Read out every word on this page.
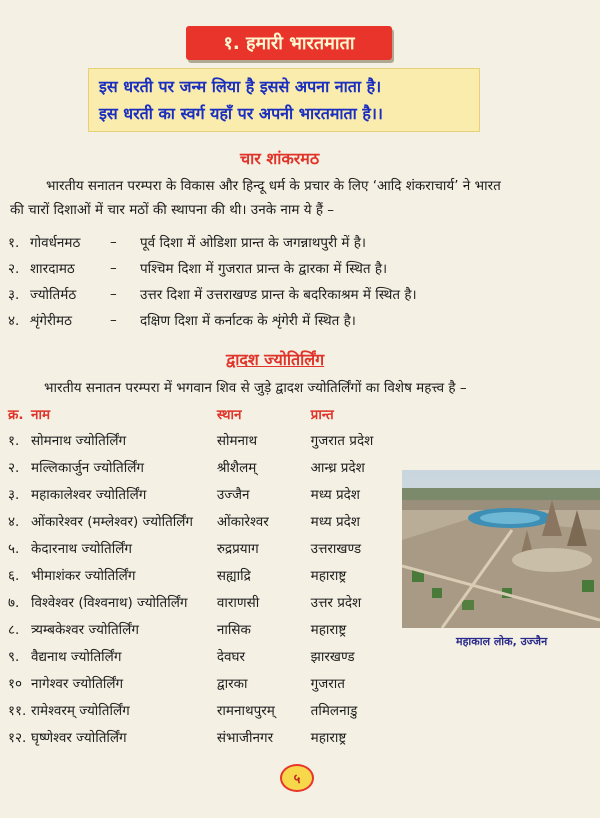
१. हमारी भारतमाता
इस धरती पर जन्म लिया है इससे अपना नाता है।
इस धरती का स्वर्ग यहाँ पर अपनी भारतमाता है।।
चार शांकरमठ
भारतीय सनातन परम्परा के विकास और हिन्दू धर्म के प्रचार के लिए ‘आदि शंकराचार्य’ ने भारत
की चारों दिशाओं में चार मठों की स्थापना की थी। उनके नाम ये हैं –
१. गोवर्धनमठ	–	पूर्व दिशा में ओडिशा प्रान्त के जगन्नाथपुरी में है।
२. शारदामठ	–	पश्चिम दिशा में गुजरात प्रान्त के द्वारका में स्थित है।
३. ज्योतिर्मठ	–	उत्तर दिशा में उत्तराखण्ड प्रान्त के बदरिकाश्रम में स्थित है।
४. शृंगेरीमठ	–	दक्षिण दिशा में कर्नाटक के शृंगेरी में स्थित है।
द्वादश ज्योतिर्लिंग
भारतीय सनातन परम्परा में भगवान शिव से जुड़े द्वादश ज्योतिर्लिंगों का विशेष महत्त्व है –
क्र. नाम	स्थान	प्रान्त
१. सोमनाथ ज्योतिर्लिंग	सोमनाथ	गुजरात प्रदेश
२. मल्लिकार्जुन ज्योतिर्लिंग	श्रीशैलम्	आन्ध्र प्रदेश
३. महाकालेश्वर ज्योतिर्लिंग	उज्जैन	मध्य प्रदेश
४. ओंकारेश्वर (मम्लेश्वर) ज्योतिर्लिंग	ओंकारेश्वर	मध्य प्रदेश
५. केदारनाथ ज्योतिर्लिंग	रुद्रप्रयाग	उत्तराखण्ड
६. भीमाशंकर ज्योतिर्लिंग	सह्याद्रि	महाराष्ट्र
७. विश्वेश्वर (विश्वनाथ) ज्योतिर्लिंग	वाराणसी	उत्तर प्रदेश
८. त्र्यम्बकेश्वर ज्योतिर्लिंग	नासिक	महाराष्ट्र
९. वैद्यनाथ ज्योतिर्लिंग	देवघर	झारखण्ड
१० नागेश्वर ज्योतिर्लिंग	द्वारका	गुजरात
११. रामेश्वरम् ज्योतिर्लिंग	रामनाथपुरम्	तमिलनाडु
१२. घृष्णेश्वर ज्योतिर्लिंग	संभाजीनगर	महाराष्ट्र
महाकाल लोक, उज्जैन
५
